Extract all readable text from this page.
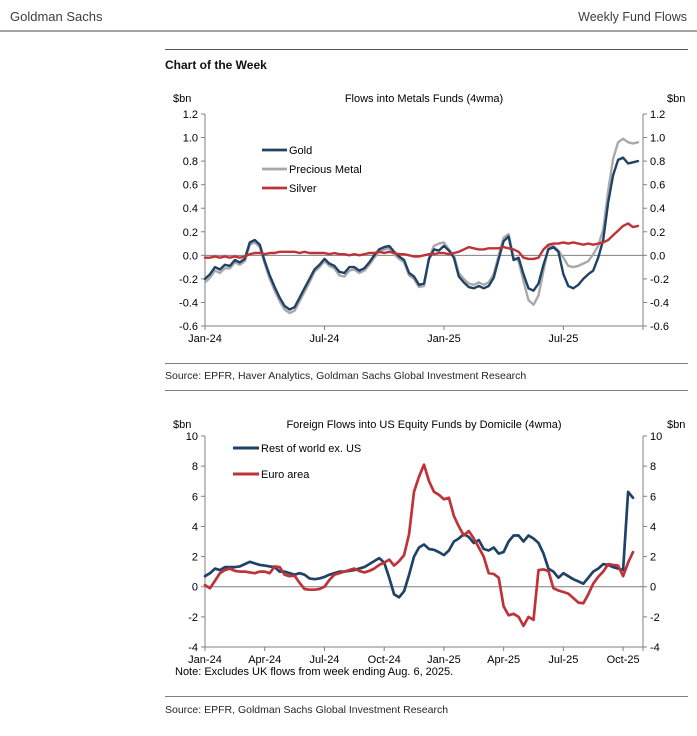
Goldman Sachs	Weekly Fund Flows
Chart of the Week
Flows into Metals Funds (4wma)
$bn	$bn
-0.6	-0.6
-0.4	-0.4
-0.2	-0.2
0.0	0.0
0.2	0.2
0.4	0.4
0.6	0.6
0.8	0.8
1.0	1.0
1.2	1.2
Jan-24	Jul-24	Jan-25	Jul-25
Gold
Precious Metal
Silver
Source: EPFR, Haver Analytics, Goldman Sachs Global Investment Research
Foreign Flows into US Equity Funds by Domicile (4wma)
$bn	$bn
-4	-4
-2	-2
0	0
2	2
4	4
6	6
8	8
10	10
Jan-24 Apr-24	Jul-24	Oct-24 Jan-25 Apr-25	Jul-25	Oct-25
Rest of world ex. US
Euro area
Note: Excludes UK flows from week ending Aug. 6, 2025.
Source: EPFR, Goldman Sachs Global Investment Research
